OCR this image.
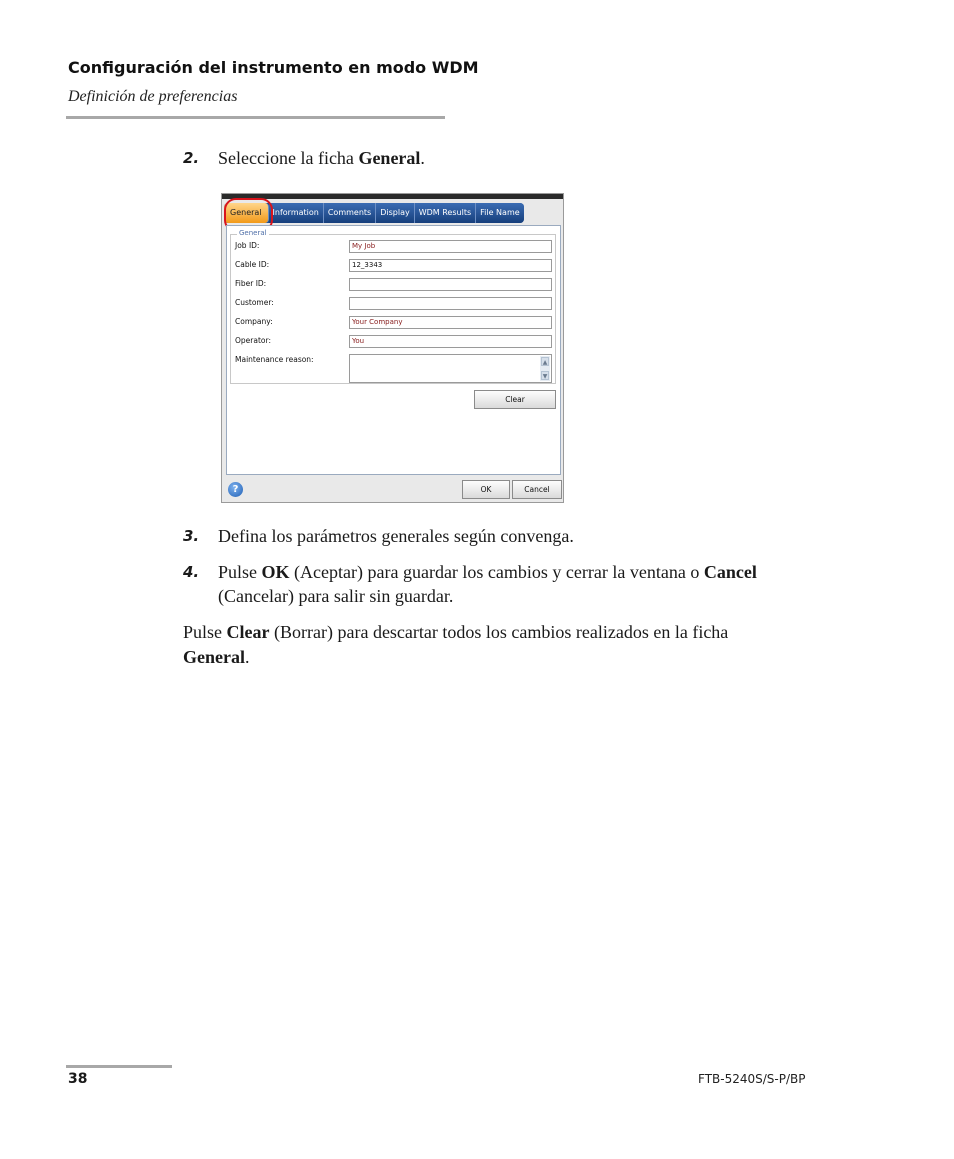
Configuración del instrumento en modo WDM
Definición de preferencias
2. Seleccione la ficha General.
General	Information	Comments	Display	WDM Results	File Name
General
Job ID:	My Job
Cable ID:	12_3343
Fiber ID:
Customer:
Company:	Your Company
Operator:	You
Maintenance reason:	▲
▼
Clear
?	OK	Cancel
3. Defina los parámetros generales según convenga.
4. Pulse OK (Aceptar) para guardar los cambios y cerrar la ventana o Cancel (Cancelar) para salir sin guardar.
Pulse Clear (Borrar) para descartar todos los cambios realizados en la ficha General.
38	FTB-5240S/S-P/BP
